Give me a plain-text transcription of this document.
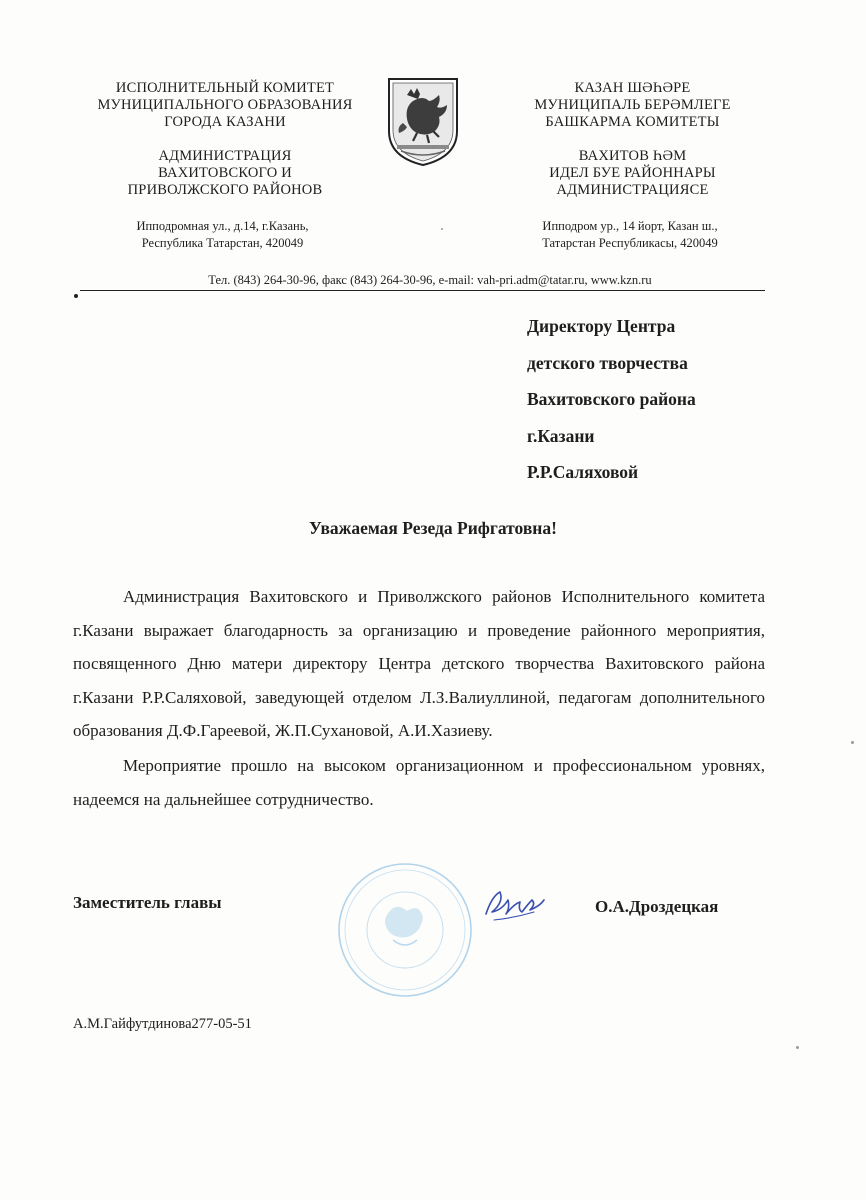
ИСПОЛНИТЕЛЬНЫЙ КОМИТЕТ
МУНИЦИПАЛЬНОГО ОБРАЗОВАНИЯ
ГОРОДА КАЗАНИ
АДМИНИСТРАЦИЯ
ВАХИТОВСКОГО И
ПРИВОЛЖСКОГО РАЙОНОВ
Ипподромная ул., д.14, г.Казань,
Республика Татарстан, 420049
КАЗАН ШӘҺӘРЕ
МУНИЦИПАЛЬ БЕРӘМЛЕГЕ
БАШКАРМА КОМИТЕТЫ
ВАХИТОВ ҺӘМ
ИДЕЛ БУЕ РАЙОННАРЫ
АДМИНИСТРАЦИЯСЕ
Ипподром ур., 14 йорт, Казан ш.,
Татарстан Республикасы, 420049
Тел. (843) 264-30-96, факс (843) 264-30-96, e-mail: vah-pri.adm@tatar.ru, www.kzn.ru
Директору Центра
детского творчества
Вахитовского района
г.Казани
Р.Р.Саляховой
Уважаемая Резеда Рифгатовна!

Администрация Вахитовского и Приволжского районов Исполнительного комитета г.Казани выражает благодарность за организацию и проведение районного мероприятия, посвященного Дню матери директору Центра детского творчества Вахитовского района г.Казани Р.Р.Саляховой, заведующей отделом Л.З.Валиуллиной, педагогам дополнительного образования Д.Ф.Гареевой, Ж.П.Сухановой, А.И.Хазиеву.

Мероприятие прошло на высоком организационном и профессиональном уровнях, надеемся на дальнейшее сотрудничество.

Заместитель главы	О.А.Дроздецкая
А.М.Гайфутдинова277-05-51
